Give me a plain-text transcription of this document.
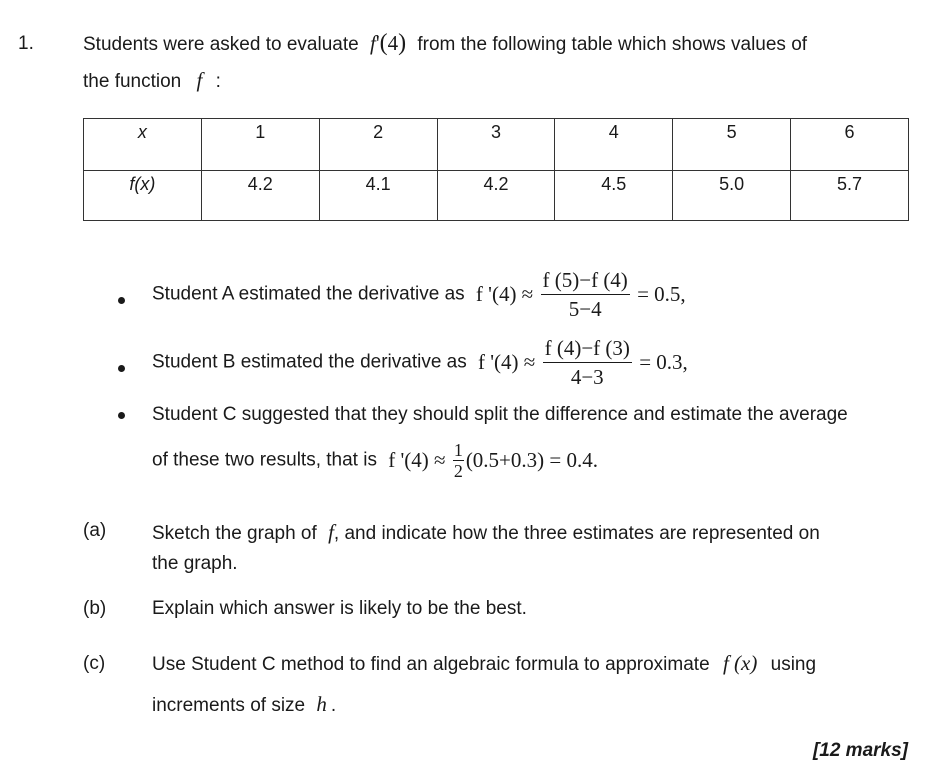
1.	Students were asked to evaluate f'(4) from the following table which shows values of
the function f :
x	1	2	3	4	5	6
f(x)	4.2	4.1	4.2	4.5	5.0	5.7
Student A estimated the derivative as f '$(4) \approx \frac{f (5)-f (4)}{5-4} = 0.5$,
Student B estimated the derivative as f '$(4) \approx \frac{f (4)-f (3)}{4-3} = 0.3$,
Student C suggested that they should split the difference and estimate the average
of these two results, that is f '$(4) \approx \frac{1}{2} (0.5+0.3) = 0.4$.
(a) Sketch the graph of f, and indicate how the three estimates are represented on
the graph.
(b) Explain which answer is likely to be the best.
(c) Use Student C method to find an algebraic formula to approximate f (x) using
increments of size h .
[12 marks]
